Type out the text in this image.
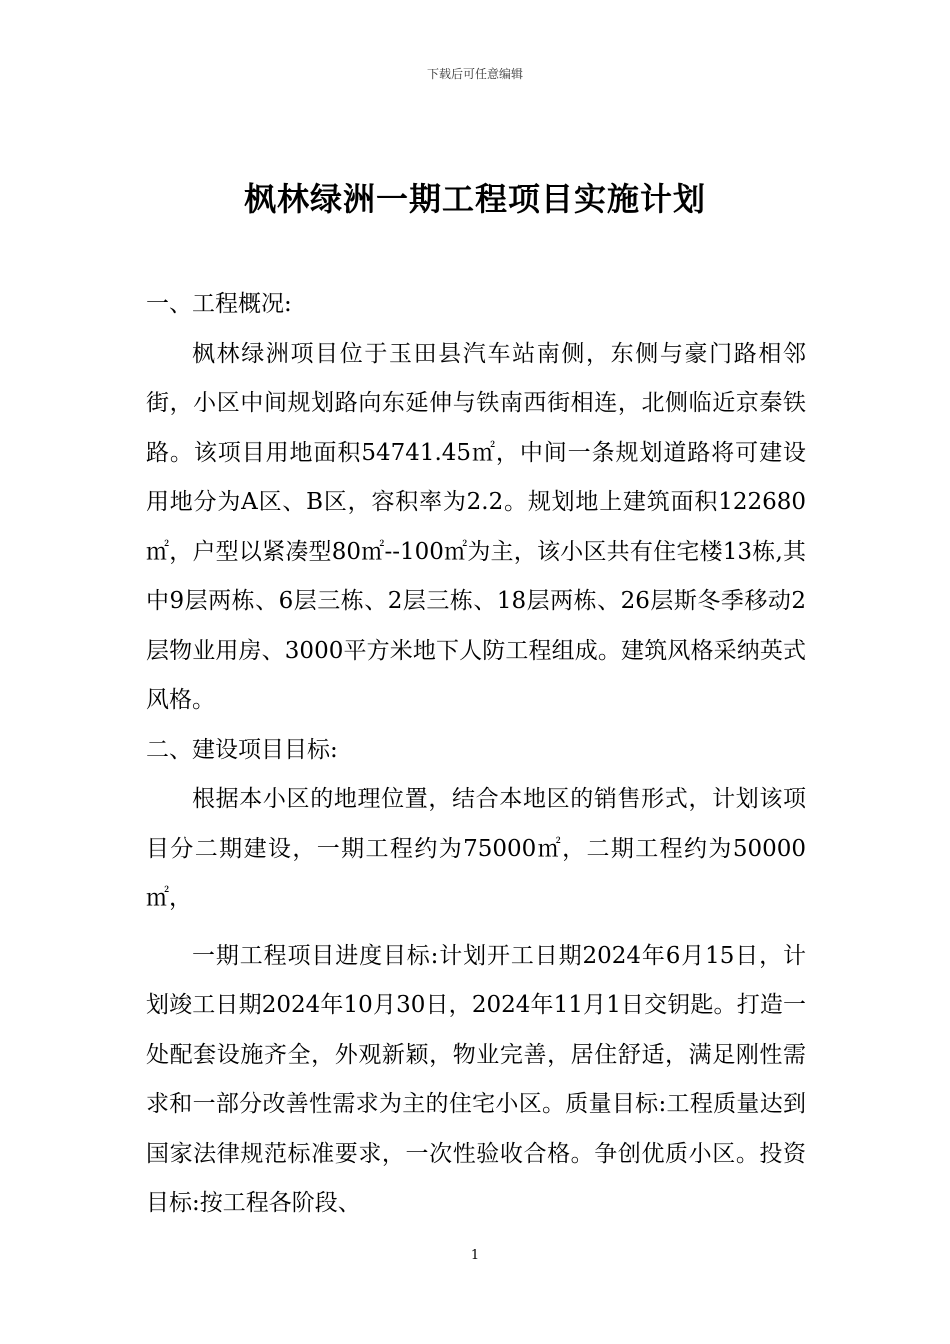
下载后可任意编辑
枫林绿洲一期工程项目实施计划

一、工程概况:

枫林绿洲项目位于玉田县汽车站南侧，东侧与豪门路相邻街，小区中间规划路向东延伸与铁南西街相连，北侧临近京秦铁路。该项目用地面积54741.45㎡，中间一条规划道路将可建设用地分为A区、B区，容积率为2.2。规划地上建筑面积122680㎡，户型以紧凑型80㎡--100㎡为主，该小区共有住宅楼13栋,其中9层两栋、6层三栋、2层三栋、18层两栋、26层斯冬季移动2层物业用房、3000平方米地下人防工程组成。建筑风格采纳英式风格。

二、建设项目目标:

根据本小区的地理位置，结合本地区的销售形式，计划该项目分二期建设，一期工程约为75000㎡，二期工程约为50000㎡，

一期工程项目进度目标:计划开工日期2024年6月15日，计划竣工日期2024年10月30日，2024年11月1日交钥匙。打造一处配套设施齐全，外观新颖，物业完善，居住舒适，满足刚性需求和一部分改善性需求为主的住宅小区。质量目标:工程质量达到国家法律规范标准要求，一次性验收合格。争创优质小区。投资目标:按工程各阶段、

1
